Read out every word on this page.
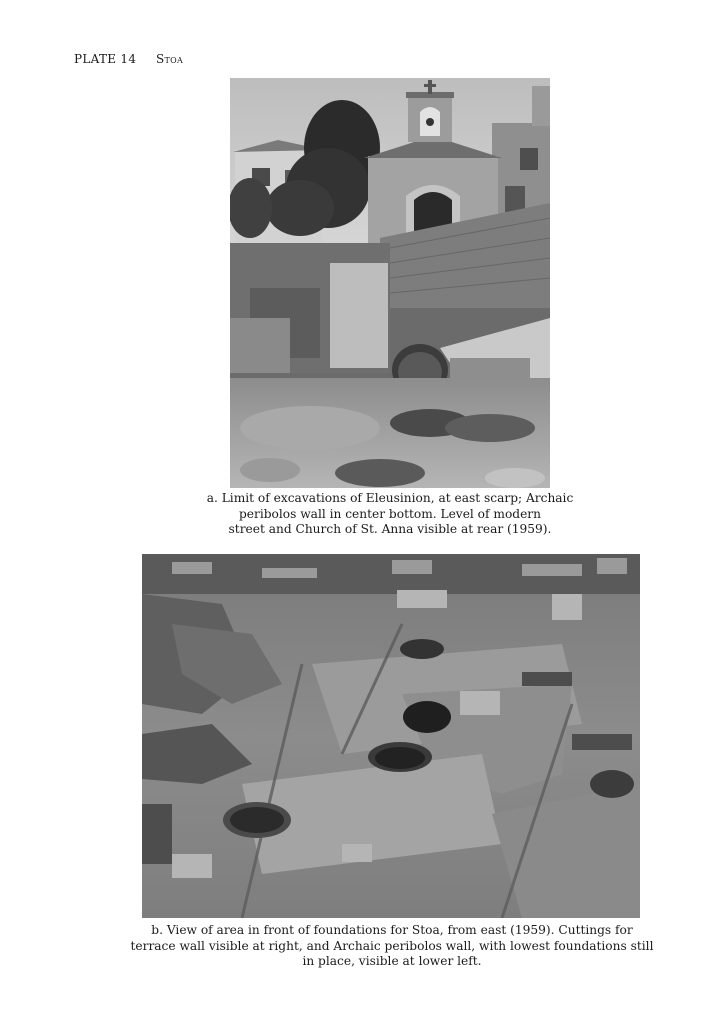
PLATE 14 Stoa
a. Limit of excavations of Eleusinion, at east scarp; Archaic
peribolos wall in center bottom. Level of modern
street and Church of St. Anna visible at rear (1959).
b. View of area in front of foundations for Stoa, from east (1959). Cuttings for
terrace wall visible at right, and Archaic peribolos wall, with lowest foundations still
in place, visible at lower left.
